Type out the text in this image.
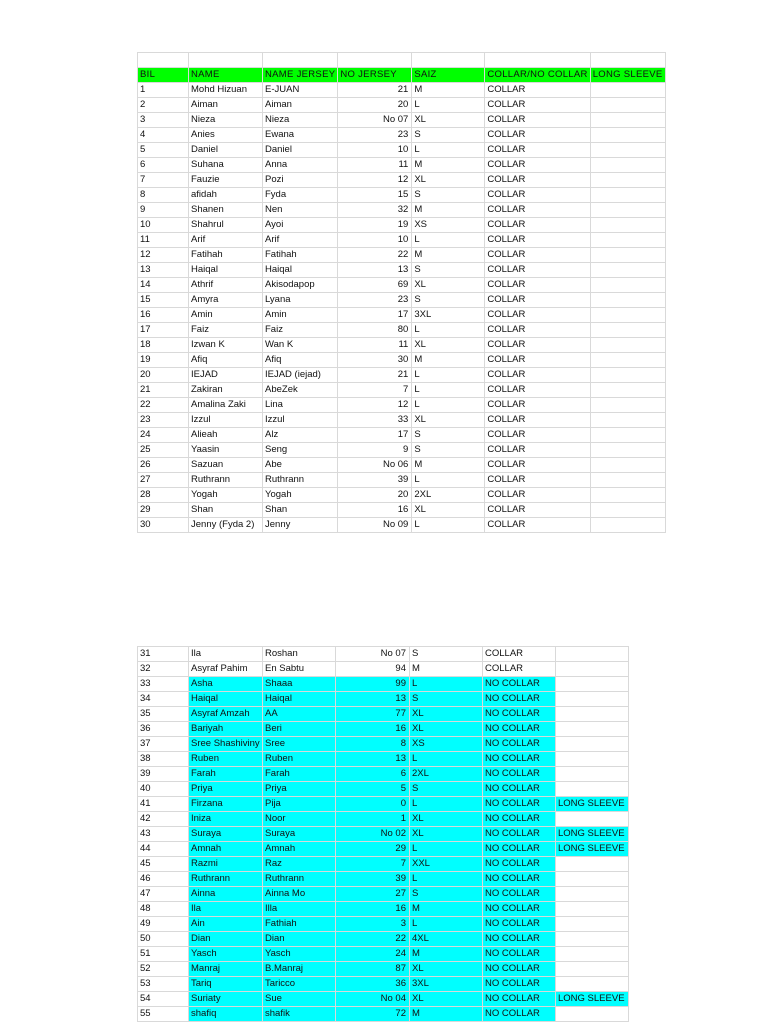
BIL	NAME	NAME JERSEY	NO JERSEY	SAIZ	COLLAR/NO COLLAR	LONG SLEEVE
1	Mohd Hizuan	E-JUAN	21	M	COLLAR	
2	Aiman	Aiman	20	L	COLLAR	
3	Nieza	Nieza	No 07	XL	COLLAR	
4	Anies	Ewana	23	S	COLLAR	
5	Daniel	Daniel	10	L	COLLAR	
6	Suhana	Anna	11	M	COLLAR	
7	Fauzie	Pozi	12	XL	COLLAR	
8	afidah	Fyda	15	S	COLLAR	
9	Shanen	Nen	32	M	COLLAR	
10	Shahrul	Ayoi	19	XS	COLLAR	
11	Arif	Arif	10	L	COLLAR	
12	Fatihah	Fatihah	22	M	COLLAR	
13	Haiqal	Haiqal	13	S	COLLAR	
14	Athrif	Akisodapop	69	XL	COLLAR	
15	Amyra	Lyana	23	S	COLLAR	
16	Amin	Amin	17	3XL	COLLAR	
17	Faiz	Faiz	80	L	COLLAR	
18	Izwan K	Wan K	11	XL	COLLAR	
19	Afiq	Afiq	30	M	COLLAR	
20	IEJAD	IEJAD (iejad)	21	L	COLLAR	
21	Zakiran	AbeZek	7	L	COLLAR	
22	Amalina Zaki	Lina	12	L	COLLAR	
23	Izzul	Izzul	33	XL	COLLAR	
24	Alieah	Alz	17	S	COLLAR	
25	Yaasin	Seng	9	S	COLLAR	
26	Sazuan	Abe	No 06	M	COLLAR	
27	Ruthrann	Ruthrann	39	L	COLLAR	
28	Yogah	Yogah	20	2XL	COLLAR	
29	Shan	Shan	16	XL	COLLAR	
30	Jenny (Fyda 2)	Jenny	No 09	L	COLLAR	
31	Ila	Roshan	No 07	S	COLLAR	
32	Asyraf Pahim	En Sabtu	94	M	COLLAR	
33	Asha	Shaaa	99	L	NO COLLAR	
34	Haiqal	Haiqal	13	S	NO COLLAR	
35	Asyraf Amzah	AA	77	XL	NO COLLAR	
36	Bariyah	Beri	16	XL	NO COLLAR	
37	Sree Shashiviny	Sree	8	XS	NO COLLAR	
38	Ruben	Ruben	13	L	NO COLLAR	
39	Farah	Farah	6	2XL	NO COLLAR	
40	Priya	Priya	5	S	NO COLLAR	
41	Firzana	Pija	0	L	NO COLLAR	LONG SLEEVE
42	Iniza	Noor	1	XL	NO COLLAR	
43	Suraya	Suraya	No 02	XL	NO COLLAR	LONG SLEEVE
44	Amnah	Amnah	29	L	NO COLLAR	LONG SLEEVE
45	Razmi	Raz	7	XXL	NO COLLAR	
46	Ruthrann	Ruthrann	39	L	NO COLLAR	
47	Ainna	Ainna Mo	27	S	NO COLLAR	
48	Ila	Illa	16	M	NO COLLAR	
49	Ain	Fathiah	3	L	NO COLLAR	
50	Dian	Dian	22	4XL	NO COLLAR	
51	Yasch	Yasch	24	M	NO COLLAR	
52	Manraj	B.Manraj	87	XL	NO COLLAR	
53	Tariq	Taricco	36	3XL	NO COLLAR	
54	Suriaty	Sue	No 04	XL	NO COLLAR	LONG SLEEVE
55	shafiq	shafik	72	M	NO COLLAR	
